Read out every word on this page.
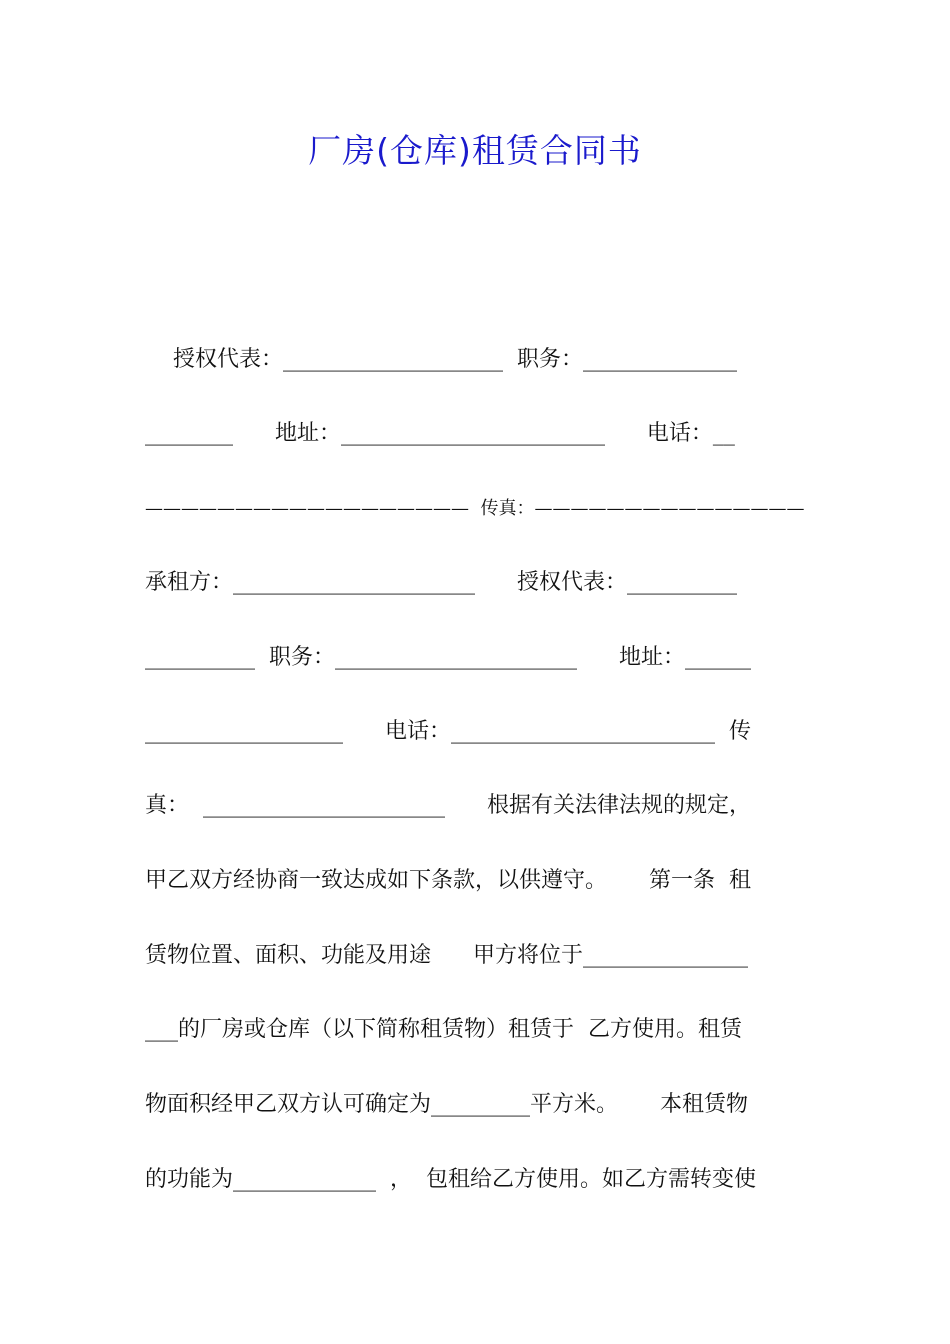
厂房(仓库)租赁合同书
授权代表：____________________  职务：______________
________      地址：________________________      电话：__
——————————————————  传真：———————————————
承租方：______________________      授权代表：__________
__________  职务：______________________      地址：______
__________________      电话：________________________  传
真：  ______________________      根据有关法律法规的规定，
甲乙双方经协商一致达成如下条款，以供遵守。      第一条  租
赁物位置、面积、功能及用途      甲方将位于_______________
___的厂房或仓库（以下简称租赁物）租赁于  乙方使用。租赁
物面积经甲乙双方认可确定为_________平方米。      本租赁物
的功能为_____________  ，  包租给乙方使用。如乙方需转变使
